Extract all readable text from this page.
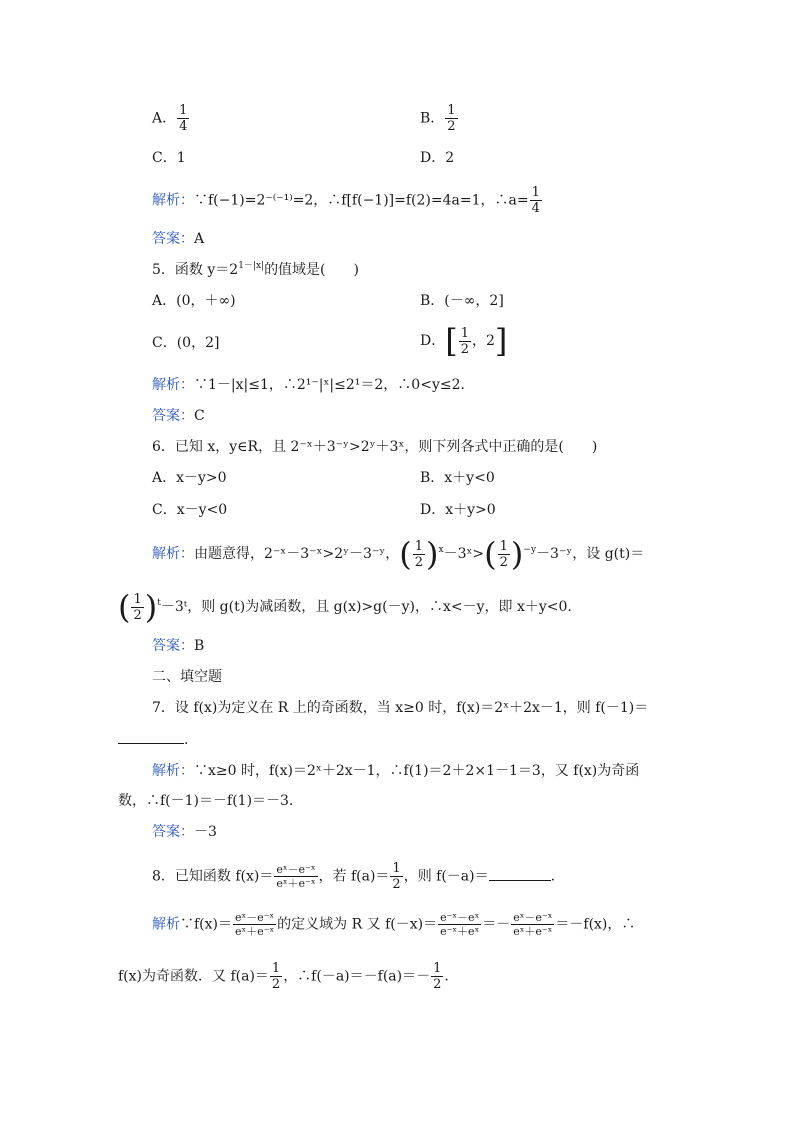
A． $\frac{1}{4}$	B． $\frac{1}{2}$
C．1	D．2
解析：∵f(−1)=2⁻⁽⁻¹⁾=2，∴f[f(−1)]=f(2)=4a=1，∴a= $\frac{1}{4}$
答案：A
5．函数 $y=2^{1-|x|}$的值域是(　　)
A．(0，＋∞)	B．(－∞，2]
C．(0，2]	D．[ $\frac{1}{2}$ ，2]
解析：∵1－|x|≤1，∴2¹⁻|ˣ|≤2¹＝2，∴0<y≤2.
答案：C
6．已知 x，y∈R，且 2⁻ˣ＋3⁻ʸ>2ʸ＋3ˣ，则下列各式中正确的是(　　)
A．x－y>0	B．x＋y<0
C．x－y<0	D．x＋y>0
解析：由题意得，2⁻ˣ－3⁻ˣ>2ʸ－3⁻ʸ，( $\frac{1}{2}$ )$^x$－3ˣ>( $\frac{1}{2}$ )$^{-y}$－3⁻ʸ，设 g(t)＝
( $\frac{1}{2}$ )$^t$－3ᵗ，则 g(t)为减函数，且 g(x)>g(－y)，∴x<－y，即 x＋y<0.
答案：B
二、填空题
7．设 f(x)为定义在 R 上的奇函数，当 x≥0 时，f(x)＝2ˣ＋2x－1，则 f(－1)＝
.
解析：∵x≥0 时，f(x)＝2ˣ＋2x－1，∴f(1)＝2＋2×1－1＝3，又 f(x)为奇函
数，∴f(－1)＝－f(1)＝－3.
答案：－3
8．已知函数 $f(x)= \frac{\text{eˣ－e⁻ˣ}}{\text{eˣ＋e⁻ˣ}}$ ，若 $f(a)= \frac{1}{2}$ ，则 f(－a)＝	.
解析∵f(x)＝ $\frac{\text{eˣ－e⁻ˣ}}{\text{eˣ＋e⁻ˣ}}$ 的定义域为 R 又 $f(-x)= \frac{\text{e⁻ˣ－eˣ}}{\text{e⁻ˣ＋eˣ}} =- \frac{\text{eˣ－e⁻ˣ}}{\text{eˣ＋e⁻ˣ}} =-f(x)$，∴
f(x)为奇函数．又 $f(a)= \frac{1}{2}$ ，∴f(－a)＝－f(a)＝－ $\frac{1}{2}$ .
